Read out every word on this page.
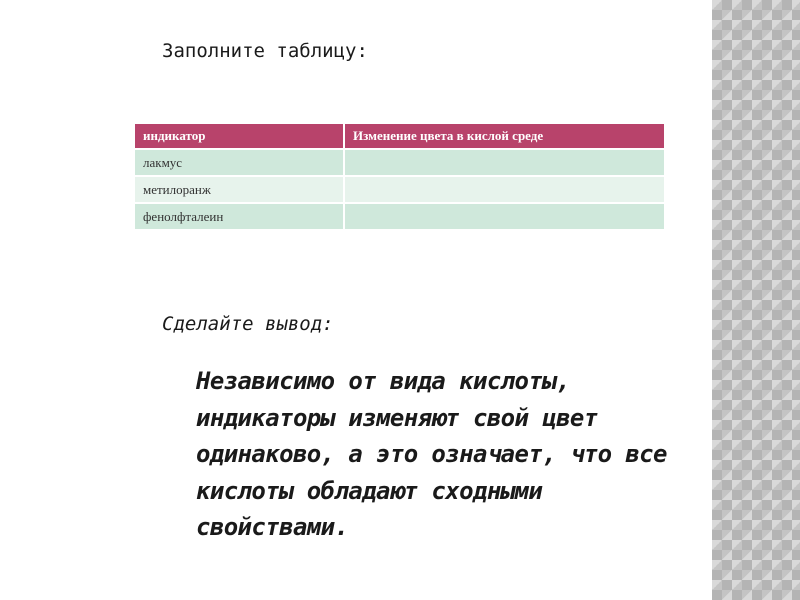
Заполните таблицу:
индикатор	Изменение цвета в кислой среде
лакмус	
метилоранж	
фенолфталеин	
Сделайте вывод:
Независимо от вида кислоты, индикаторы изменяют свой цвет одинаково, а это означает, что все кислоты обладают сходными свойствами.
